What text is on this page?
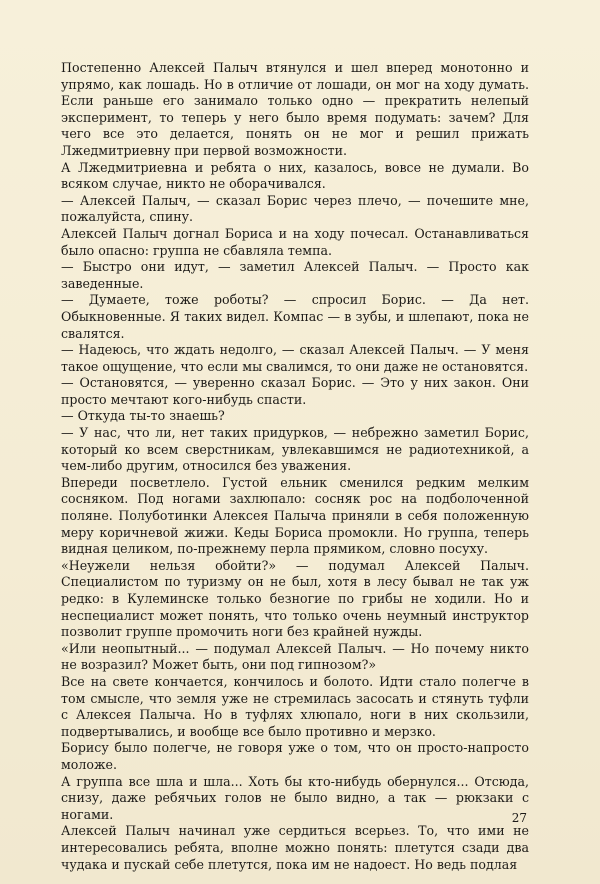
Постепенно Алексей Палыч втянулся и шел вперед монотонно и упрямо, как лошадь. Но в отличие от лошади, он мог на ходу думать. Если раньше его занимало только одно — прекратить нелепый эксперимент, то теперь у него было время подумать: зачем? Для чего все это делается, понять он не мог и решил прижать Лжедмитриевну при первой возможности.

А Лжедмитриевна и ребята о них, казалось, вовсе не думали. Во всяком случае, никто не оборачивался.

— Алексей Палыч, — сказал Борис через плечо, — почешите мне, пожалуйста, спину.

Алексей Палыч догнал Бориса и на ходу почесал. Останавливаться было опасно: группа не сбавляла темпа.

— Быстро они идут, — заметил Алексей Палыч. — Просто как заведенные.

— Думаете, тоже роботы? — спросил Борис. — Да нет. Обыкновенные. Я таких видел. Компас — в зубы, и шлепают, пока не свалятся.

— Надеюсь, что ждать недолго, — сказал Алексей Палыч. — У меня такое ощущение, что если мы свалимся, то они даже не остановятся.

— Остановятся, — уверенно сказал Борис. — Это у них закон. Они просто мечтают кого-нибудь спасти.

— Откуда ты-то знаешь?

— У нас, что ли, нет таких придурков, — небрежно заметил Борис, который ко всем сверстникам, увлекавшимся не радиотехникой, а чем-либо другим, относился без уважения.

Впереди посветлело. Густой ельник сменился редким мелким сосняком. Под ногами захлюпало: сосняк рос на подболоченной поляне. Полуботинки Алексея Палыча приняли в себя положенную меру коричневой жижи. Кеды Бориса промокли. Но группа, теперь видная целиком, по-прежнему перла прямиком, словно посуху.

«Неужели нельзя обойти?» — подумал Алексей Палыч. Специалистом по туризму он не был, хотя в лесу бывал не так уж редко: в Кулеминске только безногие по грибы не ходили. Но и неспециалист может понять, что только очень неумный инструктор позволит группе промочить ноги без крайней нужды.

«Или неопытный... — подумал Алексей Палыч. — Но почему никто не возразил? Может быть, они под гипнозом?»

Все на свете кончается, кончилось и болото. Идти стало полегче в том смысле, что земля уже не стремилась засосать и стянуть туфли с Алексея Палыча. Но в туфлях хлюпало, ноги в них скользили, подвертывались, и вообще все было противно и мерзко.

Борису было полегче, не говоря уже о том, что он просто-напросто моложе.

А группа все шла и шла... Хоть бы кто-нибудь обернулся... Отсюда, снизу, даже ребячьих голов не было видно, а так — рюкзаки с ногами.

Алексей Палыч начинал уже сердиться всерьез. То, что ими не интересовались ребята, вполне можно понять: плетутся сзади два чудака и пускай себе плетутся, пока им не надоест. Но ведь подлая

27
